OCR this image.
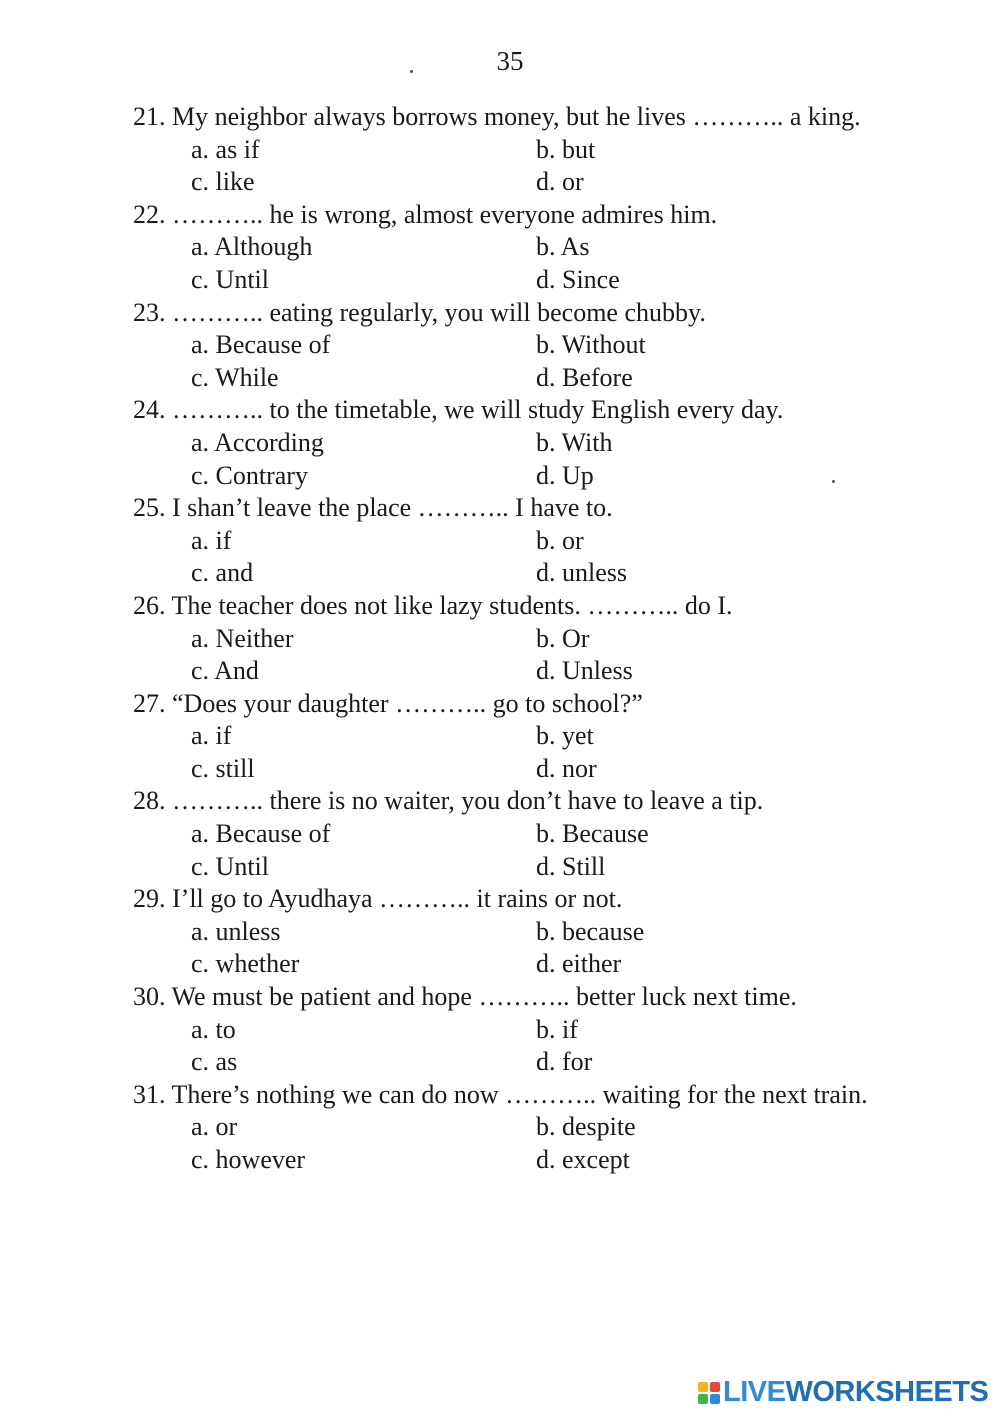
35

21. My neighbor always borrows money, but he lives ……….. a king.

a. as if	b. but
c. like	d. or

22. ……….. he is wrong, almost everyone admires him.

a. Although	b. As
c. Until	d. Since

23. ……….. eating regularly, you will become chubby.

a. Because of	b. Without
c. While	d. Before

24. ……….. to the timetable, we will study English every day.

a. According	b. With
c. Contrary	d. Up

25. I shan’t leave the place ……….. I have to.

a. if	b. or
c. and	d. unless

26. The teacher does not like lazy students. ……….. do I.

a. Neither	b. Or
c. And	d. Unless

27. “Does your daughter ……….. go to school?”

a. if	b. yet
c. still	d. nor

28. ……….. there is no waiter, you don’t have to leave a tip.

a. Because of	b. Because
c. Until	d. Still

29. I’ll go to Ayudhaya ……….. it rains or not.

a. unless	b. because
c. whether	d. either

30. We must be patient and hope ……….. better luck next time.

a. to	b. if
c. as	d. for

31. There’s nothing we can do now ……….. waiting for the next train.

a. or	b. despite
c. however	d. except
LIVE WORKSHEETS
